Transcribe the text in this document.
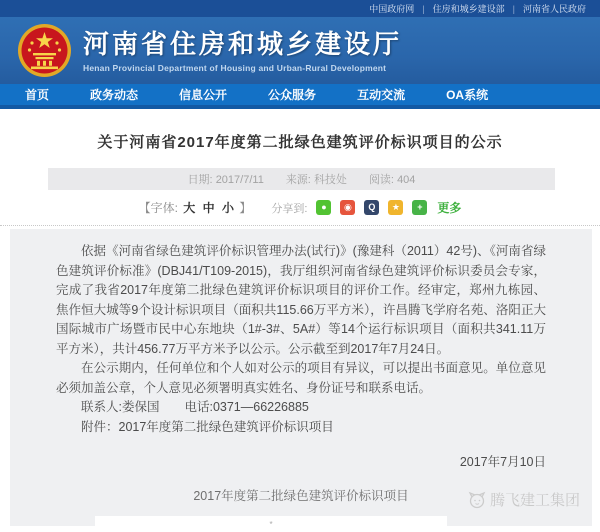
中国政府网 | 住房和城乡建设部 | 河南省人民政府
河南省住房和城乡建设厅
Henan Provincial Department of Housing and Urban-Rural Development
首页	政务动态	信息公开	公众服务	互动交流	OA系统
关于河南省2017年度第二批绿色建筑评价标识项目的公示
日期: 2017/7/11 来源: 科技处 阅读: 404
【字体: 大 中 小 】 分享到:	●	◉	Q	★	+	更多

依据《河南省绿色建筑评价标识管理办法(试行)》(豫建科（2011）42号)、《河南省绿色建筑评价标准》(DBJ41/T109-2015)，我厅组织河南省绿色建筑评价标识委员会专家，完成了我省2017年度第二批绿色建筑评价标识项目的评价工作。经审定，郑州九栋园、焦作恒大城等9个设计标识项目（面积共115.66万平方米），许昌腾飞学府名苑、洛阳正大国际城市广场暨市民中心东地块（1#-3#、5A#）等14个运行标识项目（面积共341.11万平方米），共计456.77万平方米予以公示。公示截至到2017年7月24日。

在公示期内，任何单位和个人如对公示的项目有异议，可以提出书面意见。单位意见必须加盖公章，个人意见必须署明真实姓名、身份证号和联系电话。

联系人:娄保国　　电话:0371—66226885

附件：2017年度第二批绿色建筑评价标识项目

2017年7月10日
2017年度第二批绿色建筑评价标识项目	腾飞建工集团
*
